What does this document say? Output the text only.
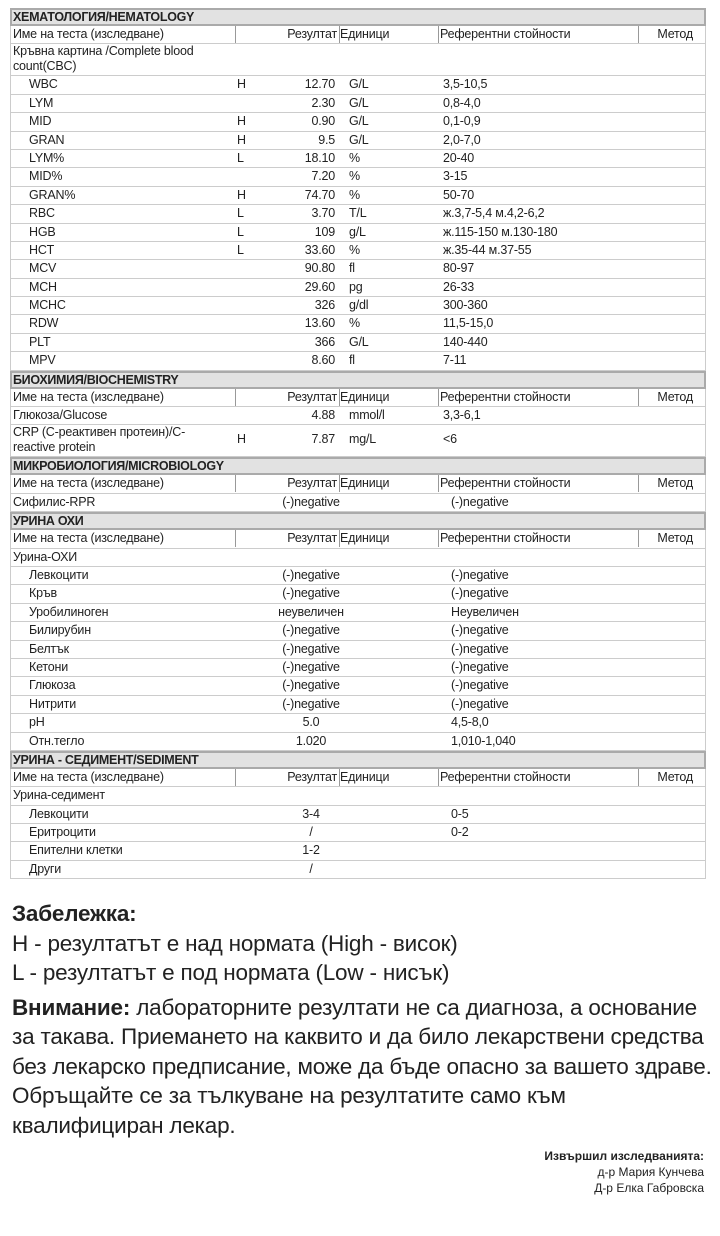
ХЕМАТОЛОГИЯ/HEMATOLOGY
Име на теста (изследване)	Резултат Единици	Референтни стойности	Метод
Кръвна картина /Complete blood count(CBC)
WBC	H	12.70 G/L	3,5-10,5
LYM	2.30 G/L	0,8-4,0
MID	H	0.90 G/L	0,1-0,9
GRAN	H	9.5 G/L	2,0-7,0
LYM%	L	18.10 %	20-40
MID%	7.20 %	3-15
GRAN%	H	74.70 %	50-70
RBC	L	3.70 T/L	ж.3,7-5,4 м.4,2-6,2
HGB	L	109 g/L	ж.115-150 м.130-180
HCT	L	33.60 %	ж.35-44 м.37-55
MCV	90.80 fl	80-97
MCH	29.60 pg	26-33
MCHC	326 g/dl	300-360
RDW	13.60 %	11,5-15,0
PLT	366 G/L	140-440
MPV	8.60 fl	7-11
БИОХИМИЯ/BIOCHEMISTRY
Име на теста (изследване)	Резултат Единици	Референтни стойности	Метод
Глюкоза/Glucose	4.88 mmol/l	3,3-6,1
CRP (C-реактивен протеин)/C-reactive protein
H	7.87 mg/L	<6
МИКРОБИОЛОГИЯ/MICROBIOLOGY
Име на теста (изследване)	Резултат Единици	Референтни стойности	Метод
Сифилис-RPR	(-)negative	(-)negative
УРИНА ОХИ
Име на теста (изследване)	Резултат Единици	Референтни стойности	Метод
Урина-ОХИ
Левкоцити	(-)negative	(-)negative
Кръв	(-)negative	(-)negative
Уробилиноген	неувеличен	Неувеличен
Билирубин	(-)negative	(-)negative
Белтък	(-)negative	(-)negative
Кетони	(-)negative	(-)negative
Глюкоза	(-)negative	(-)negative
Нитрити	(-)negative	(-)negative
pH	5.0	4,5-8,0
Отн.тегло	1.020	1,010-1,040
УРИНА - СЕДИМЕНТ/SEDIMENT
Име на теста (изследване)	Резултат Единици	Референтни стойности	Метод
Урина-седимент
Левкоцити	3-4	0-5
Еритроцити	/	0-2
Епителни клетки	1-2
Други	/
Забележка:
H - резултатът е над нормата (High - висок)
L - резултатът е под нормата (Low - нисък)
Внимание: лабораторните резултати не са диагноза, а основание за такава. Приемането на каквито и да било лекарствени средства без лекарско предписание, може да бъде опасно за вашето здраве. Обръщайте се за тълкуване на резултатите само към квалифициран лекар.
Извършил изследванията:
д-р Мария Кунчева
Д-р Елка Габровска
